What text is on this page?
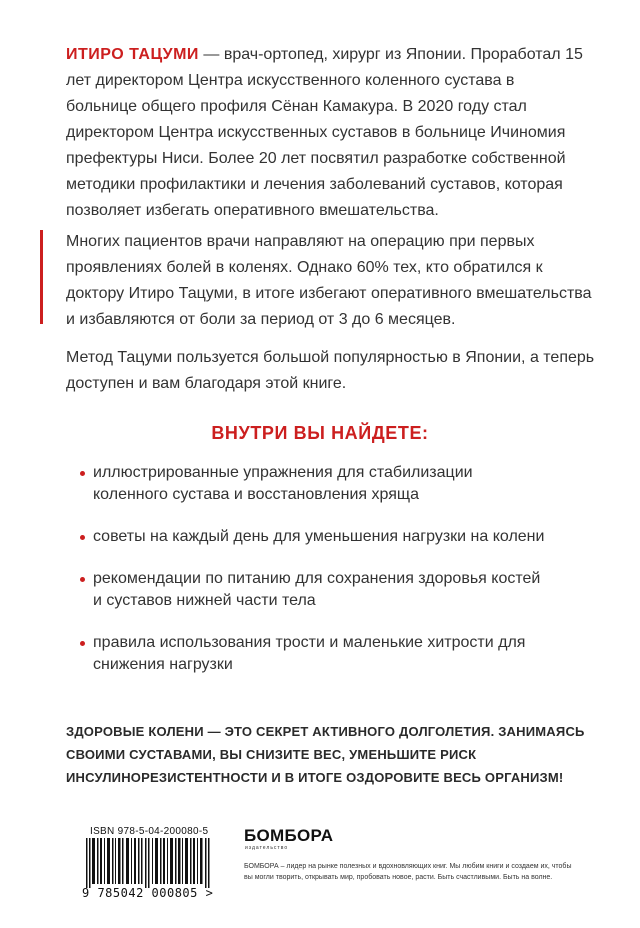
ИТИРО ТАЦУМИ — врач-ортопед, хирург из Японии. Проработал 15 лет директором Центра искусственного коленного сустава в больнице общего профиля Сёнан Камакура. В 2020 году стал директором Центра искусственных суставов в больнице Ичиномия префектуры Ниси. Более 20 лет посвятил разработке собственной методики профилактики и лечения заболеваний суставов, которая позволяет избегать оперативного вмешательства.
Многих пациентов врачи направляют на операцию при первых проявлениях болей в коленях. Однако 60% тех, кто обратился к доктору Итиро Тацуми, в итоге избегают оперативного вмешательства и избавляются от боли за период от 3 до 6 месяцев.
Метод Тацуми пользуется большой популярностью в Японии, а теперь доступен и вам благодаря этой книге.
ВНУТРИ ВЫ НАЙДЕТЕ:
иллюстрированные упражнения для стабилизации коленного сустава и восстановления хряща
советы на каждый день для уменьшения нагрузки на колени
рекомендации по питанию для сохранения здоровья костей и суставов нижней части тела
правила использования трости и маленькие хитрости для снижения нагрузки
ЗДОРОВЫЕ КОЛЕНИ — ЭТО СЕКРЕТ АКТИВНОГО ДОЛГОЛЕТИЯ. ЗАНИМАЯСЬ СВОИМИ СУСТАВАМИ, ВЫ СНИЗИТЕ ВЕС, УМЕНЬШИТЕ РИСК ИНСУЛИНОРЕЗИСТЕНТНОСТИ И В ИТОГЕ ОЗДОРОВИТЕ ВЕСЬ ОРГАНИЗМ!
ISBN 978-5-04-200080-5
9 785042 000805 >
БОМБОРА
издательство
БОМБОРА – лидер на рынке полезных и вдохновляющих книг. Мы любим книги и создаем их, чтобы вы могли творить, открывать мир, пробовать новое, расти. Быть счастливыми. Быть на волне.
